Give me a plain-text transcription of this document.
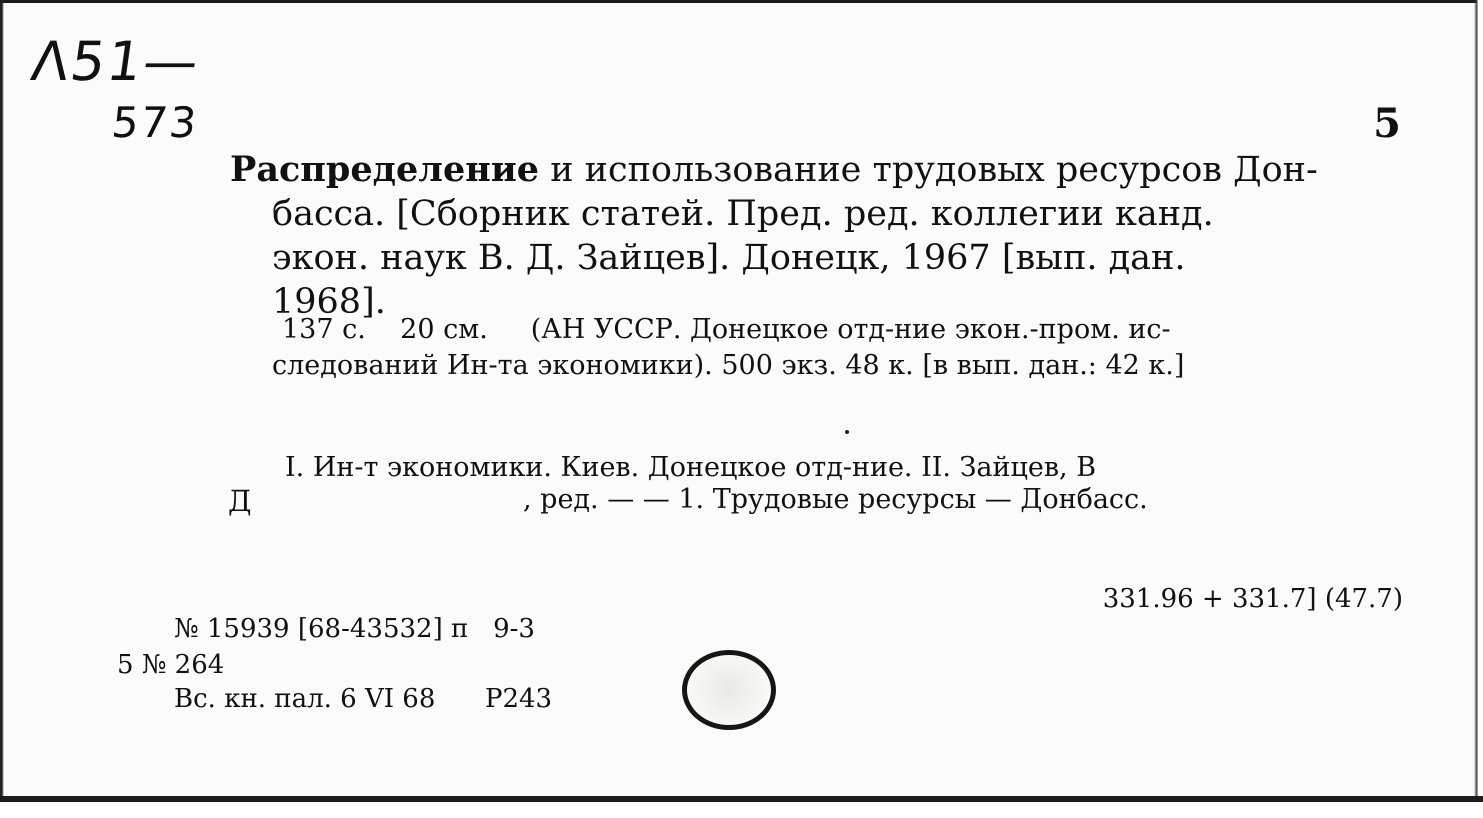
Λ51—
573	5

Распределение и использование трудовых ресурсов Дон-
басса. [Сборник статей. Пред. ред. коллегии канд.
экон. наук В. Д. Зайцев]. Донецк, 1967 [вып. дан.
1968].

137 с.    20 см.     (АН УССР. Донецкое отд-ние экон.-пром. ис-
следований Ин-та экономики). 500 экз. 48 к. [в вып. дан.: 42 к.]
I. Ин-т экономики. Киев. Донецкое отд-ние. II. Зайцев, В
Д	, ред. — — 1. Трудовые ресурсы — Донбасс.
331.96 + 331.7] (47.7)
№ 15939 [68-43532] п   9-3
5 № 264
Вс. кн. пал. 6 VI 68      Р243
